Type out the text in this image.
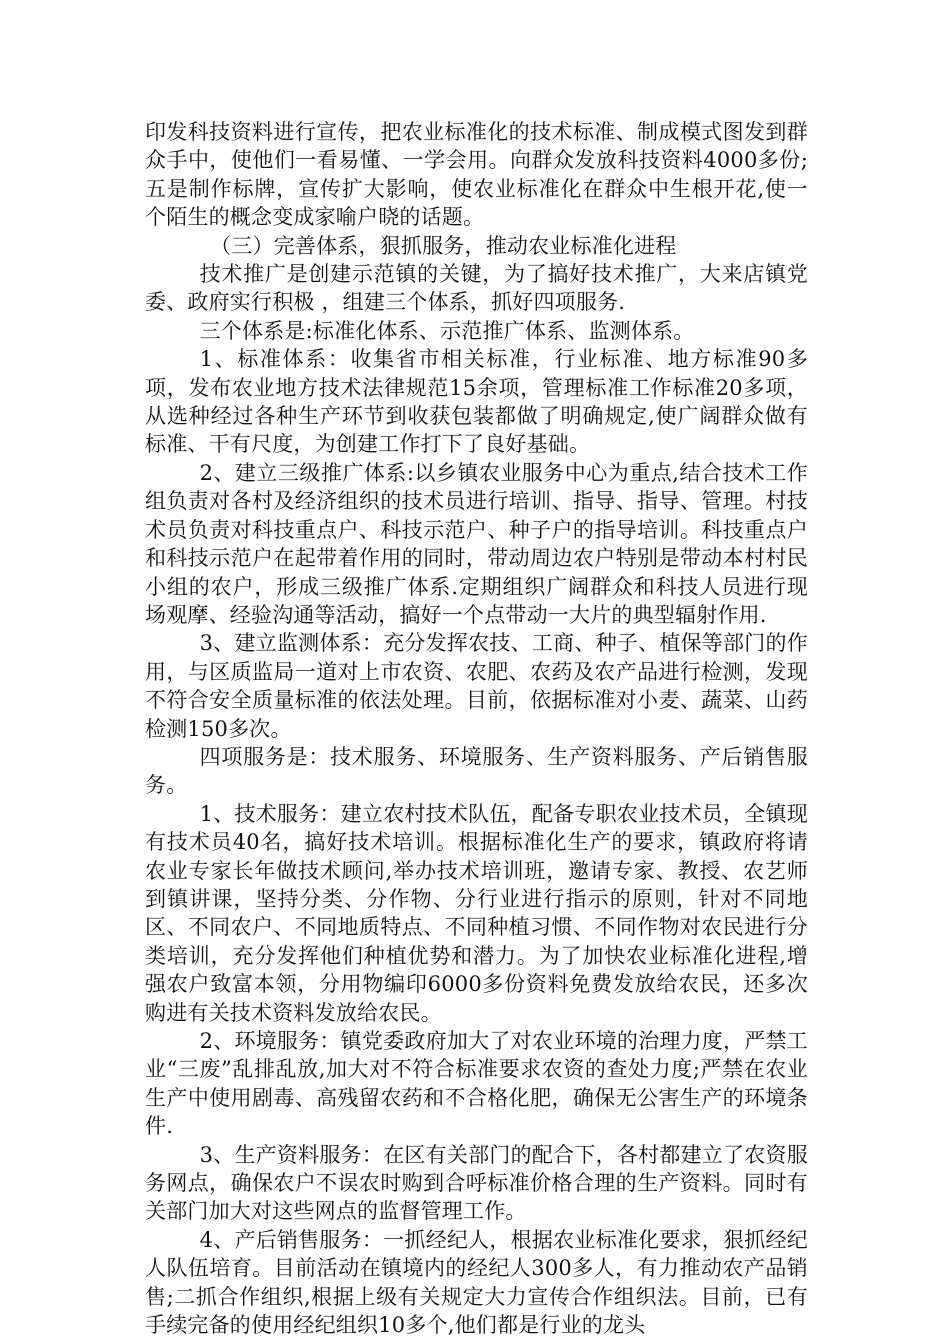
印发科技资料进行宣传，把农业标准化的技术标准、制成模式图发到群众手中，使他们一看易懂、一学会用。向群众发放科技资料4000多份;五是制作标牌，宣传扩大影响，使农业标准化在群众中生根开花,使一个陌生的概念变成家喻户晓的话题。

（三）完善体系，狠抓服务，推动农业标准化进程

技术推广是创建示范镇的关键，为了搞好技术推广，大来店镇党委、政府实行积极 ，组建三个体系，抓好四项服务.

三个体系是:标准化体系、示范推广体系、监测体系。

1、标准体系：收集省市相关标准，行业标准、地方标准90多项，发布农业地方技术法律规范15余项，管理标准工作标准20多项，从选种经过各种生产环节到收获包装都做了明确规定,使广阔群众做有标准、干有尺度，为创建工作打下了良好基础。

2、建立三级推广体系:以乡镇农业服务中心为重点,结合技术工作组负责对各村及经济组织的技术员进行培训、指导、指导、管理。村技术员负责对科技重点户、科技示范户、种子户的指导培训。科技重点户和科技示范户在起带着作用的同时，带动周边农户特别是带动本村村民小组的农户，形成三级推广体系.定期组织广阔群众和科技人员进行现场观摩、经验沟通等活动，搞好一个点带动一大片的典型辐射作用.

3、建立监测体系：充分发挥农技、工商、种子、植保等部门的作用，与区质监局一道对上市农资、农肥、农药及农产品进行检测，发现不符合安全质量标准的依法处理。目前，依据标准对小麦、蔬菜、山药检测150多次。

四项服务是：技术服务、环境服务、生产资料服务、产后销售服务。

1、技术服务：建立农村技术队伍，配备专职农业技术员，全镇现有技术员40名，搞好技术培训。根据标准化生产的要求，镇政府将请农业专家长年做技术顾问,举办技术培训班，邀请专家、教授、农艺师到镇讲课，坚持分类、分作物、分行业进行指示的原则，针对不同地区、不同农户、不同地质特点、不同种植习惯、不同作物对农民进行分类培训，充分发挥他们种植优势和潜力。为了加快农业标准化进程,增强农户致富本领，分用物编印6000多份资料免费发放给农民，还多次购进有关技术资料发放给农民。

2、环境服务：镇党委政府加大了对农业环境的治理力度，严禁工业“三废”乱排乱放,加大对不符合标准要求农资的查处力度;严禁在农业生产中使用剧毒、高残留农药和不合格化肥，确保无公害生产的环境条件.

3、生产资料服务：在区有关部门的配合下，各村都建立了农资服务网点，确保农户不误农时购到合呼标准价格合理的生产资料。同时有关部门加大对这些网点的监督管理工作。

4、产后销售服务：一抓经纪人，根据农业标准化要求，狠抓经纪人队伍培育。目前活动在镇境内的经纪人300多人，有力推动农产品销售;二抓合作组织,根据上级有关规定大力宣传合作组织法。目前，已有手续完备的使用经纪组织10多个,他们都是行业的龙头
